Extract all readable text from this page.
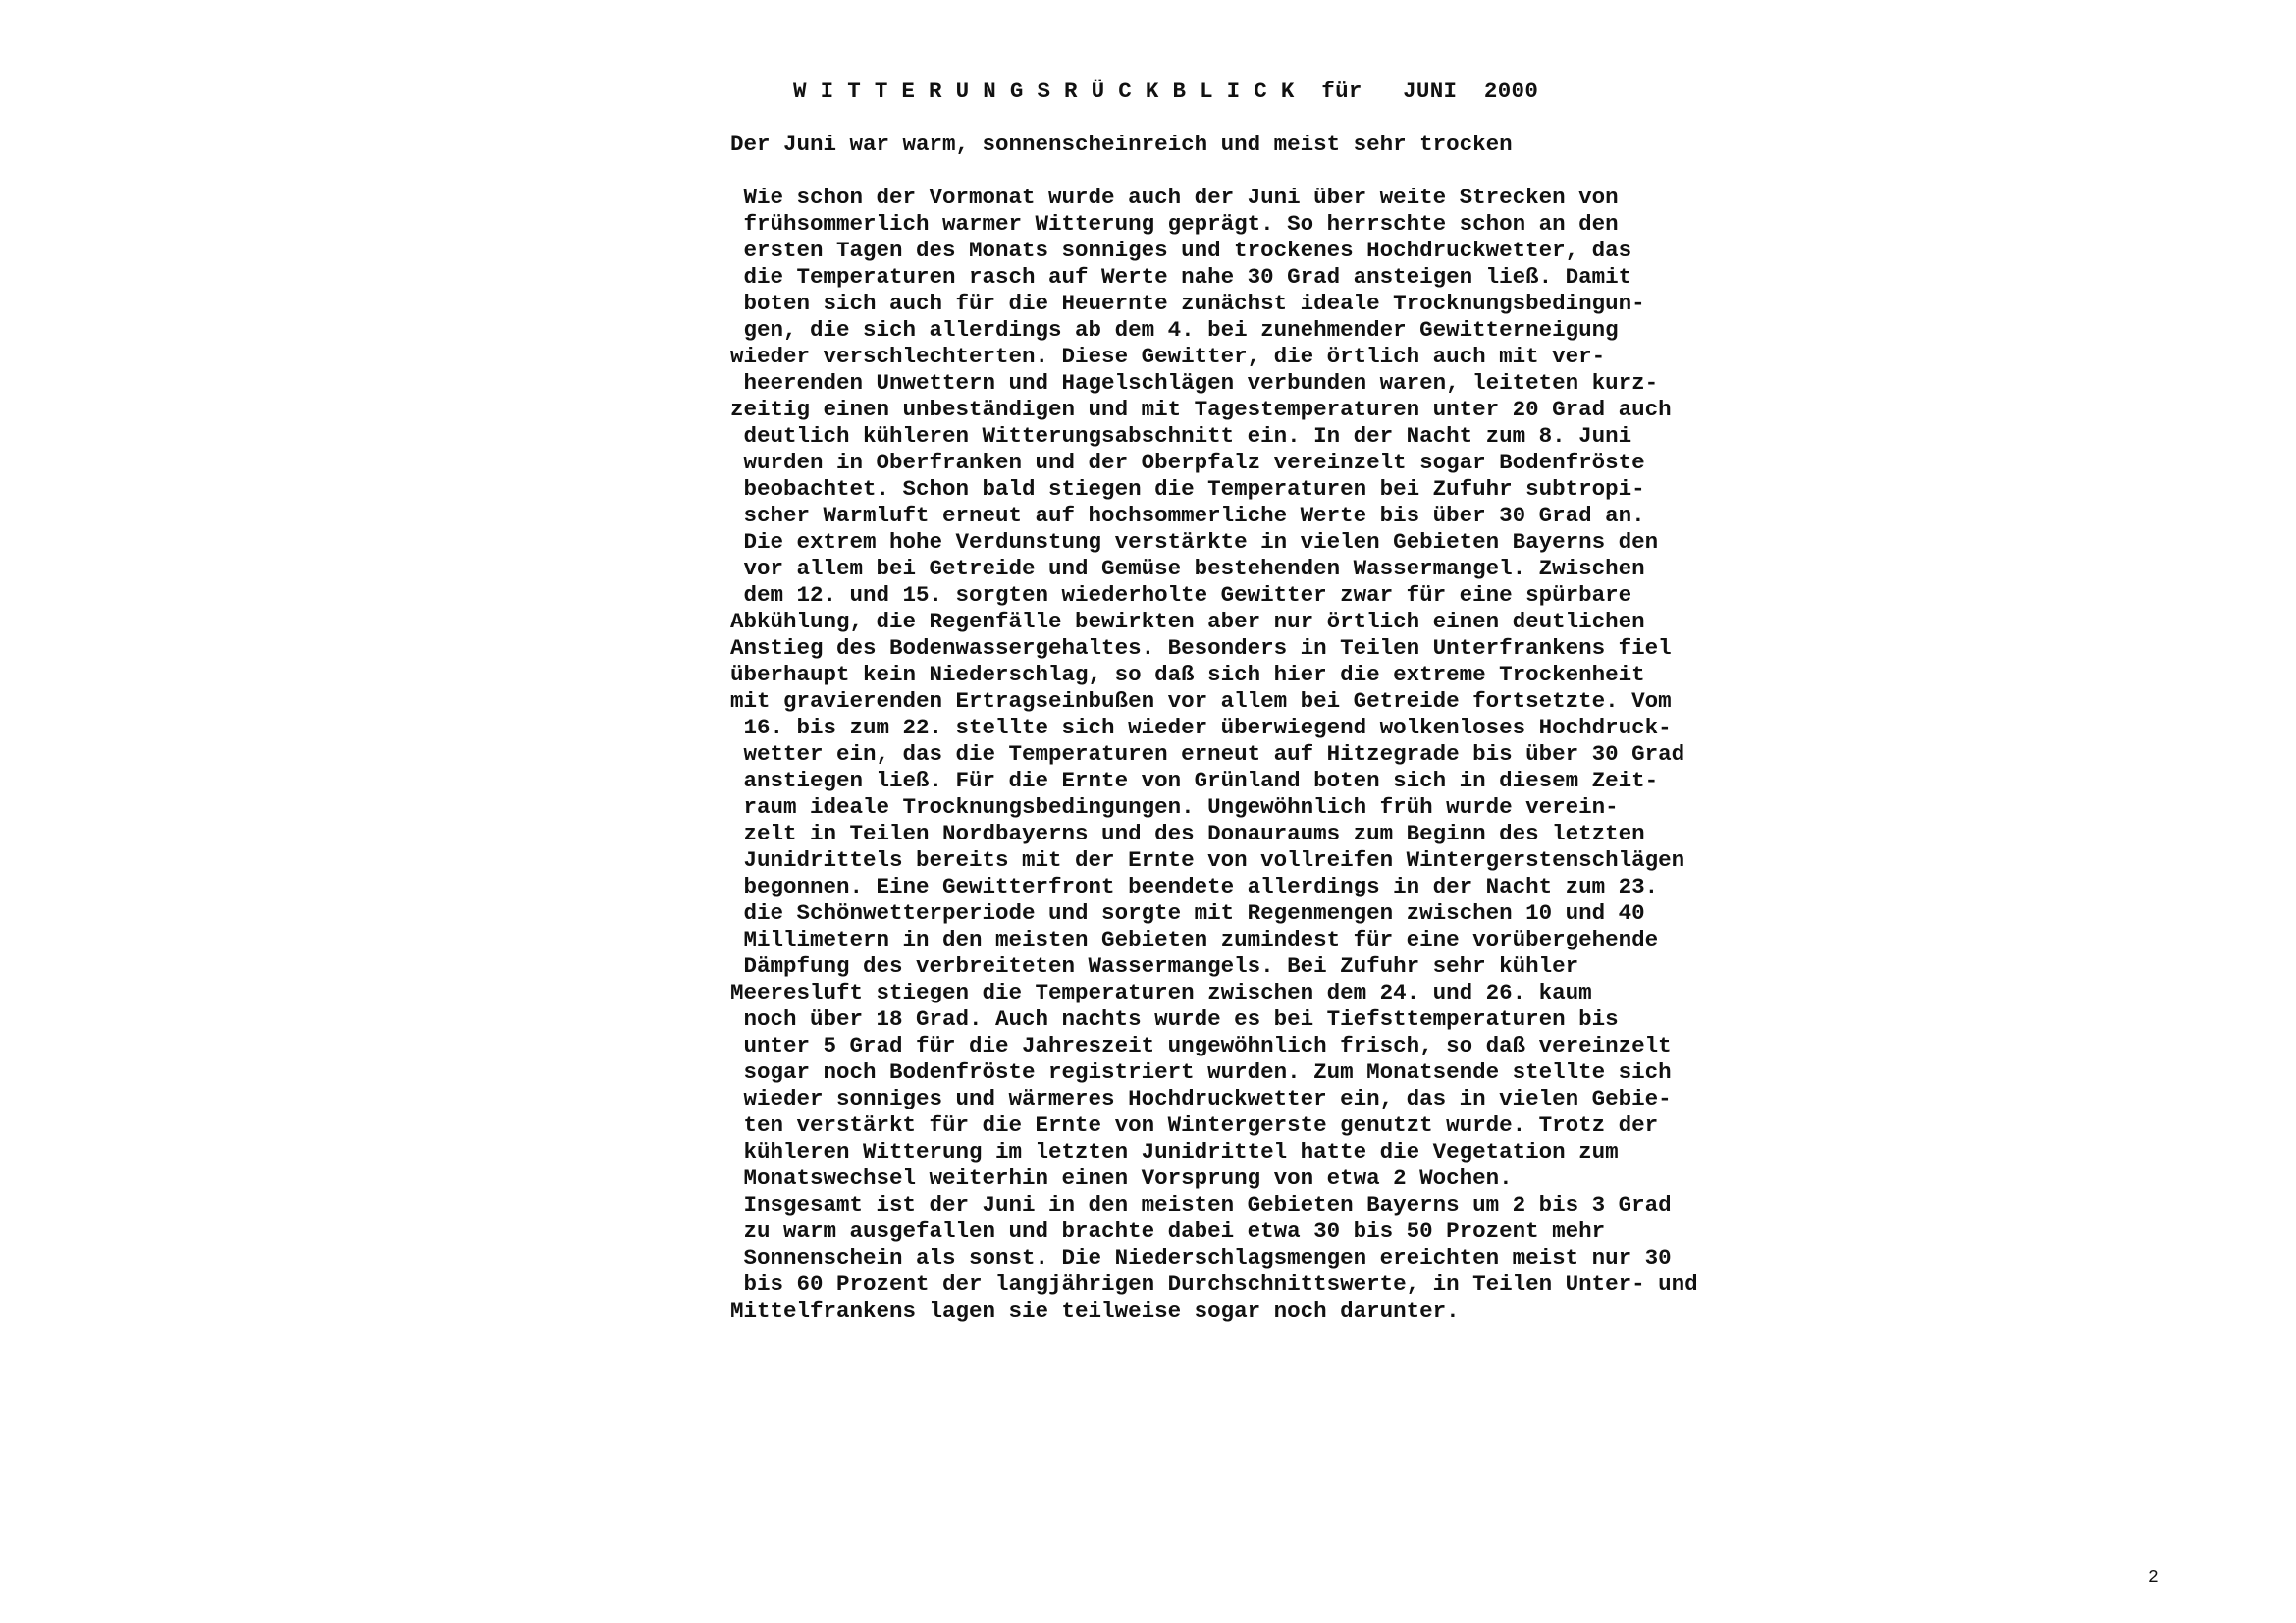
W I T T E R U N G S R Ü C K B L I C K  für   JUNI  2000
Der Juni war warm, sonnenscheinreich und meist sehr trocken
Wie schon der Vormonat wurde auch der Juni über weite Strecken von
frühsommerlich warmer Witterung geprägt. So herrschte schon an den
ersten Tagen des Monats sonniges und trockenes Hochdruckwetter, das
die Temperaturen rasch auf Werte nahe 30 Grad ansteigen ließ. Damit
boten sich auch für die Heuernte zunächst ideale Trocknungsbedingun-
gen, die sich allerdings ab dem 4. bei zunehmender Gewitterneigung
wieder verschlechterten. Diese Gewitter, die örtlich auch mit ver-
heerenden Unwettern und Hagelschlägen verbunden waren, leiteten kurz-
zeitig einen unbeständigen und mit Tagestemperaturen unter 20 Grad auch
deutlich kühleren Witterungsabschnitt ein. In der Nacht zum 8. Juni
wurden in Oberfranken und der Oberpfalz vereinzelt sogar Bodenfröste
beobachtet. Schon bald stiegen die Temperaturen bei Zufuhr subtropi-
scher Warmluft erneut auf hochsommerliche Werte bis über 30 Grad an.
Die extrem hohe Verdunstung verstärkte in vielen Gebieten Bayerns den
vor allem bei Getreide und Gemüse bestehenden Wassermangel. Zwischen
dem 12. und 15. sorgten wiederholte Gewitter zwar für eine spürbare
Abkühlung, die Regenfälle bewirkten aber nur örtlich einen deutlichen
Anstieg des Bodenwassergehaltes. Besonders in Teilen Unterfrankens fiel
überhaupt kein Niederschlag, so daß sich hier die extreme Trockenheit
mit gravierenden Ertragseinbußen vor allem bei Getreide fortsetzte. Vom
16. bis zum 22. stellte sich wieder überwiegend wolkenloses Hochdruck-
wetter ein, das die Temperaturen erneut auf Hitzegrade bis über 30 Grad
anstiegen ließ. Für die Ernte von Grünland boten sich in diesem Zeit-
raum ideale Trocknungsbedingungen. Ungewöhnlich früh wurde verein-
zelt in Teilen Nordbayerns und des Donauraums zum Beginn des letzten
Junidrittels bereits mit der Ernte von vollreifen Wintergerstenschlägen
begonnen. Eine Gewitterfront beendete allerdings in der Nacht zum 23.
die Schönwetterperiode und sorgte mit Regenmengen zwischen 10 und 40
Millimetern in den meisten Gebieten zumindest für eine vorübergehende
Dämpfung des verbreiteten Wassermangels. Bei Zufuhr sehr kühler
Meeresluft stiegen die Temperaturen zwischen dem 24. und 26. kaum
noch über 18 Grad. Auch nachts wurde es bei Tiefsttemperaturen bis
unter 5 Grad für die Jahreszeit ungewöhnlich frisch, so daß vereinzelt
sogar noch Bodenfröste registriert wurden. Zum Monatsende stellte sich
wieder sonniges und wärmeres Hochdruckwetter ein, das in vielen Gebie-
ten verstärkt für die Ernte von Wintergerste genutzt wurde. Trotz der
kühleren Witterung im letzten Junidrittel hatte die Vegetation zum
Monatswechsel weiterhin einen Vorsprung von etwa 2 Wochen.
Insgesamt ist der Juni in den meisten Gebieten Bayerns um 2 bis 3 Grad
zu warm ausgefallen und brachte dabei etwa 30 bis 50 Prozent mehr
Sonnenschein als sonst. Die Niederschlagsmengen ereichten meist nur 30
bis 60 Prozent der langjährigen Durchschnittswerte, in Teilen Unter- und
Mittelfrankens lagen sie teilweise sogar noch darunter.
2
